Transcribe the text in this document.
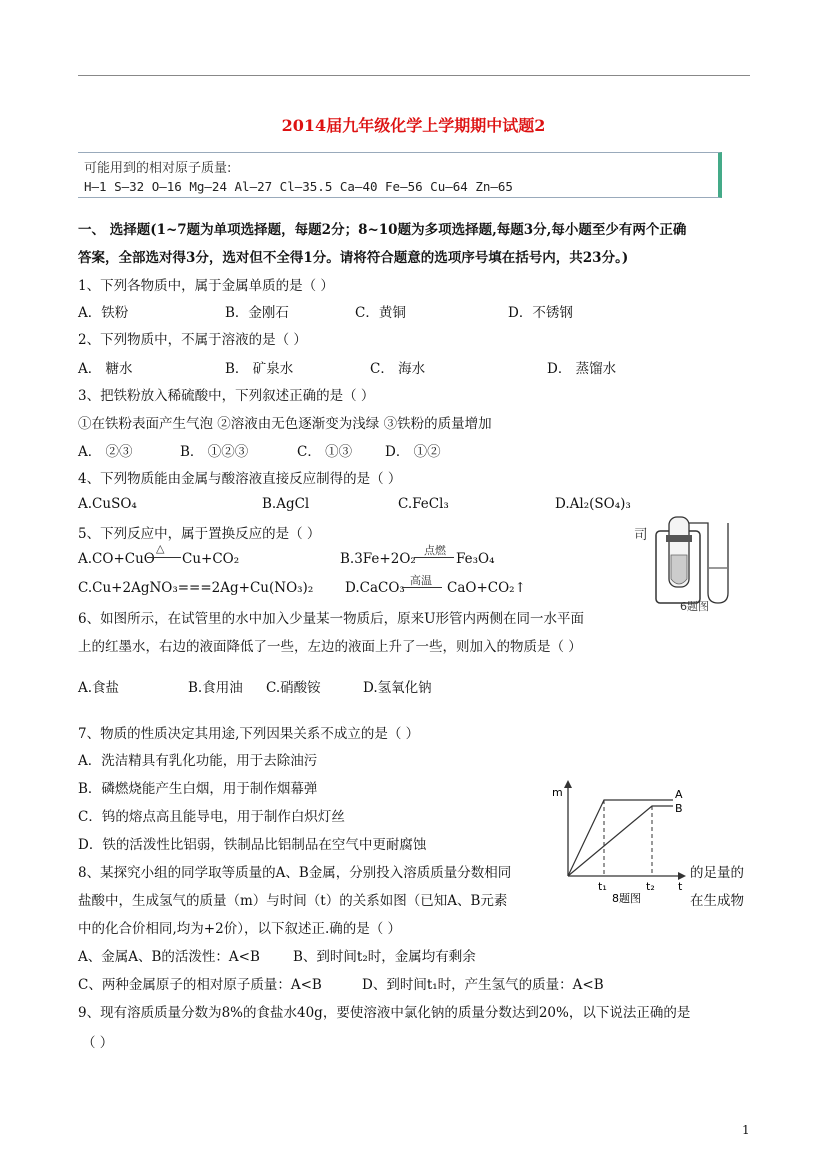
2014届九年级化学上学期期中试题2
可能用到的相对原子质量:
H—1 S—32 O—16 Mg—24 Al—27 Cl—35.5 Ca—40 Fe—56 Cu—64 Zn—65
一、 选择题(1~7题为单项选择题，每题2分；8~10题为多项选择题,每题3分,每小题至少有两个正确
答案，全部选对得3分，选对但不全得1分。请将符合题意的选项序号填在括号内，共23分。)
1、下列各物质中，属于金属单质的是（ ）
A．铁粉	B．金刚石	C．黄铜	D．不锈钢
2、下列物质中，不属于溶液的是（ ）
A． 糖水	B． 矿泉水	C． 海水	D． 蒸馏水
3、把铁粉放入稀硫酸中，下列叙述正确的是（ ）
①在铁粉表面产生气泡 ②溶液由无色逐渐变为浅绿 ③铁粉的质量增加
A． ②③	B． ①②③	C． ①③ D． ①②
4、下列物质能由金属与酸溶液直接反应制得的是（ ）
A.CuSO₄	B.AgCl	C.FeCl₃	D.Al₂(SO₄)₃
5、下列反应中，属于置换反应的是（ ）
A.CO+CuO
△
Cu+CO₂	B.3Fe+2O₂
点燃
Fe₃O₄
C.Cu+2AgNO₃===2Ag+Cu(NO₃)₂ D.CaCO₃ 高温 CaO+CO₂↑
司
6题图
6、如图所示，在试管里的水中加入少量某一物质后，原来U形管内两侧在同一水平面
上的红墨水，右边的液面降低了一些，左边的液面上升了一些，则加入的物质是（ ）
A.食盐	B.食用油 C.硝酸铵	D.氢氧化钠
7、物质的性质决定其用途,下列因果关系不成立的是（ ）
A．洗洁精具有乳化功能，用于去除油污
B．磷燃烧能产生白烟，用于制作烟幕弹
C．钨的熔点高且能导电，用于制作白炽灯丝
D．铁的活泼性比铝弱，铁制品比铝制品在空气中更耐腐蚀
m
t
t₁	t₂
A
B
8题图
8、某探究小组的同学取等质量的A、B金属，分别投入溶质质量分数相同	的足量的
盐酸中，生成氢气的质量（m）与时间（t）的关系如图（已知A、B元素	在生成物
中的化合价相同,均为+2价），以下叙述正.确的是（ ）
A、金属A、B的活泼性：A<B B、到时间t₂时，金属均有剩余
C、两种金属原子的相对原子质量：A<B	D、到时间t₁时，产生氢气的质量：A<B
9、现有溶质质量分数为8%的食盐水40g，要使溶液中氯化钠的质量分数达到20%，以下说法正确的是
（ ）
1
